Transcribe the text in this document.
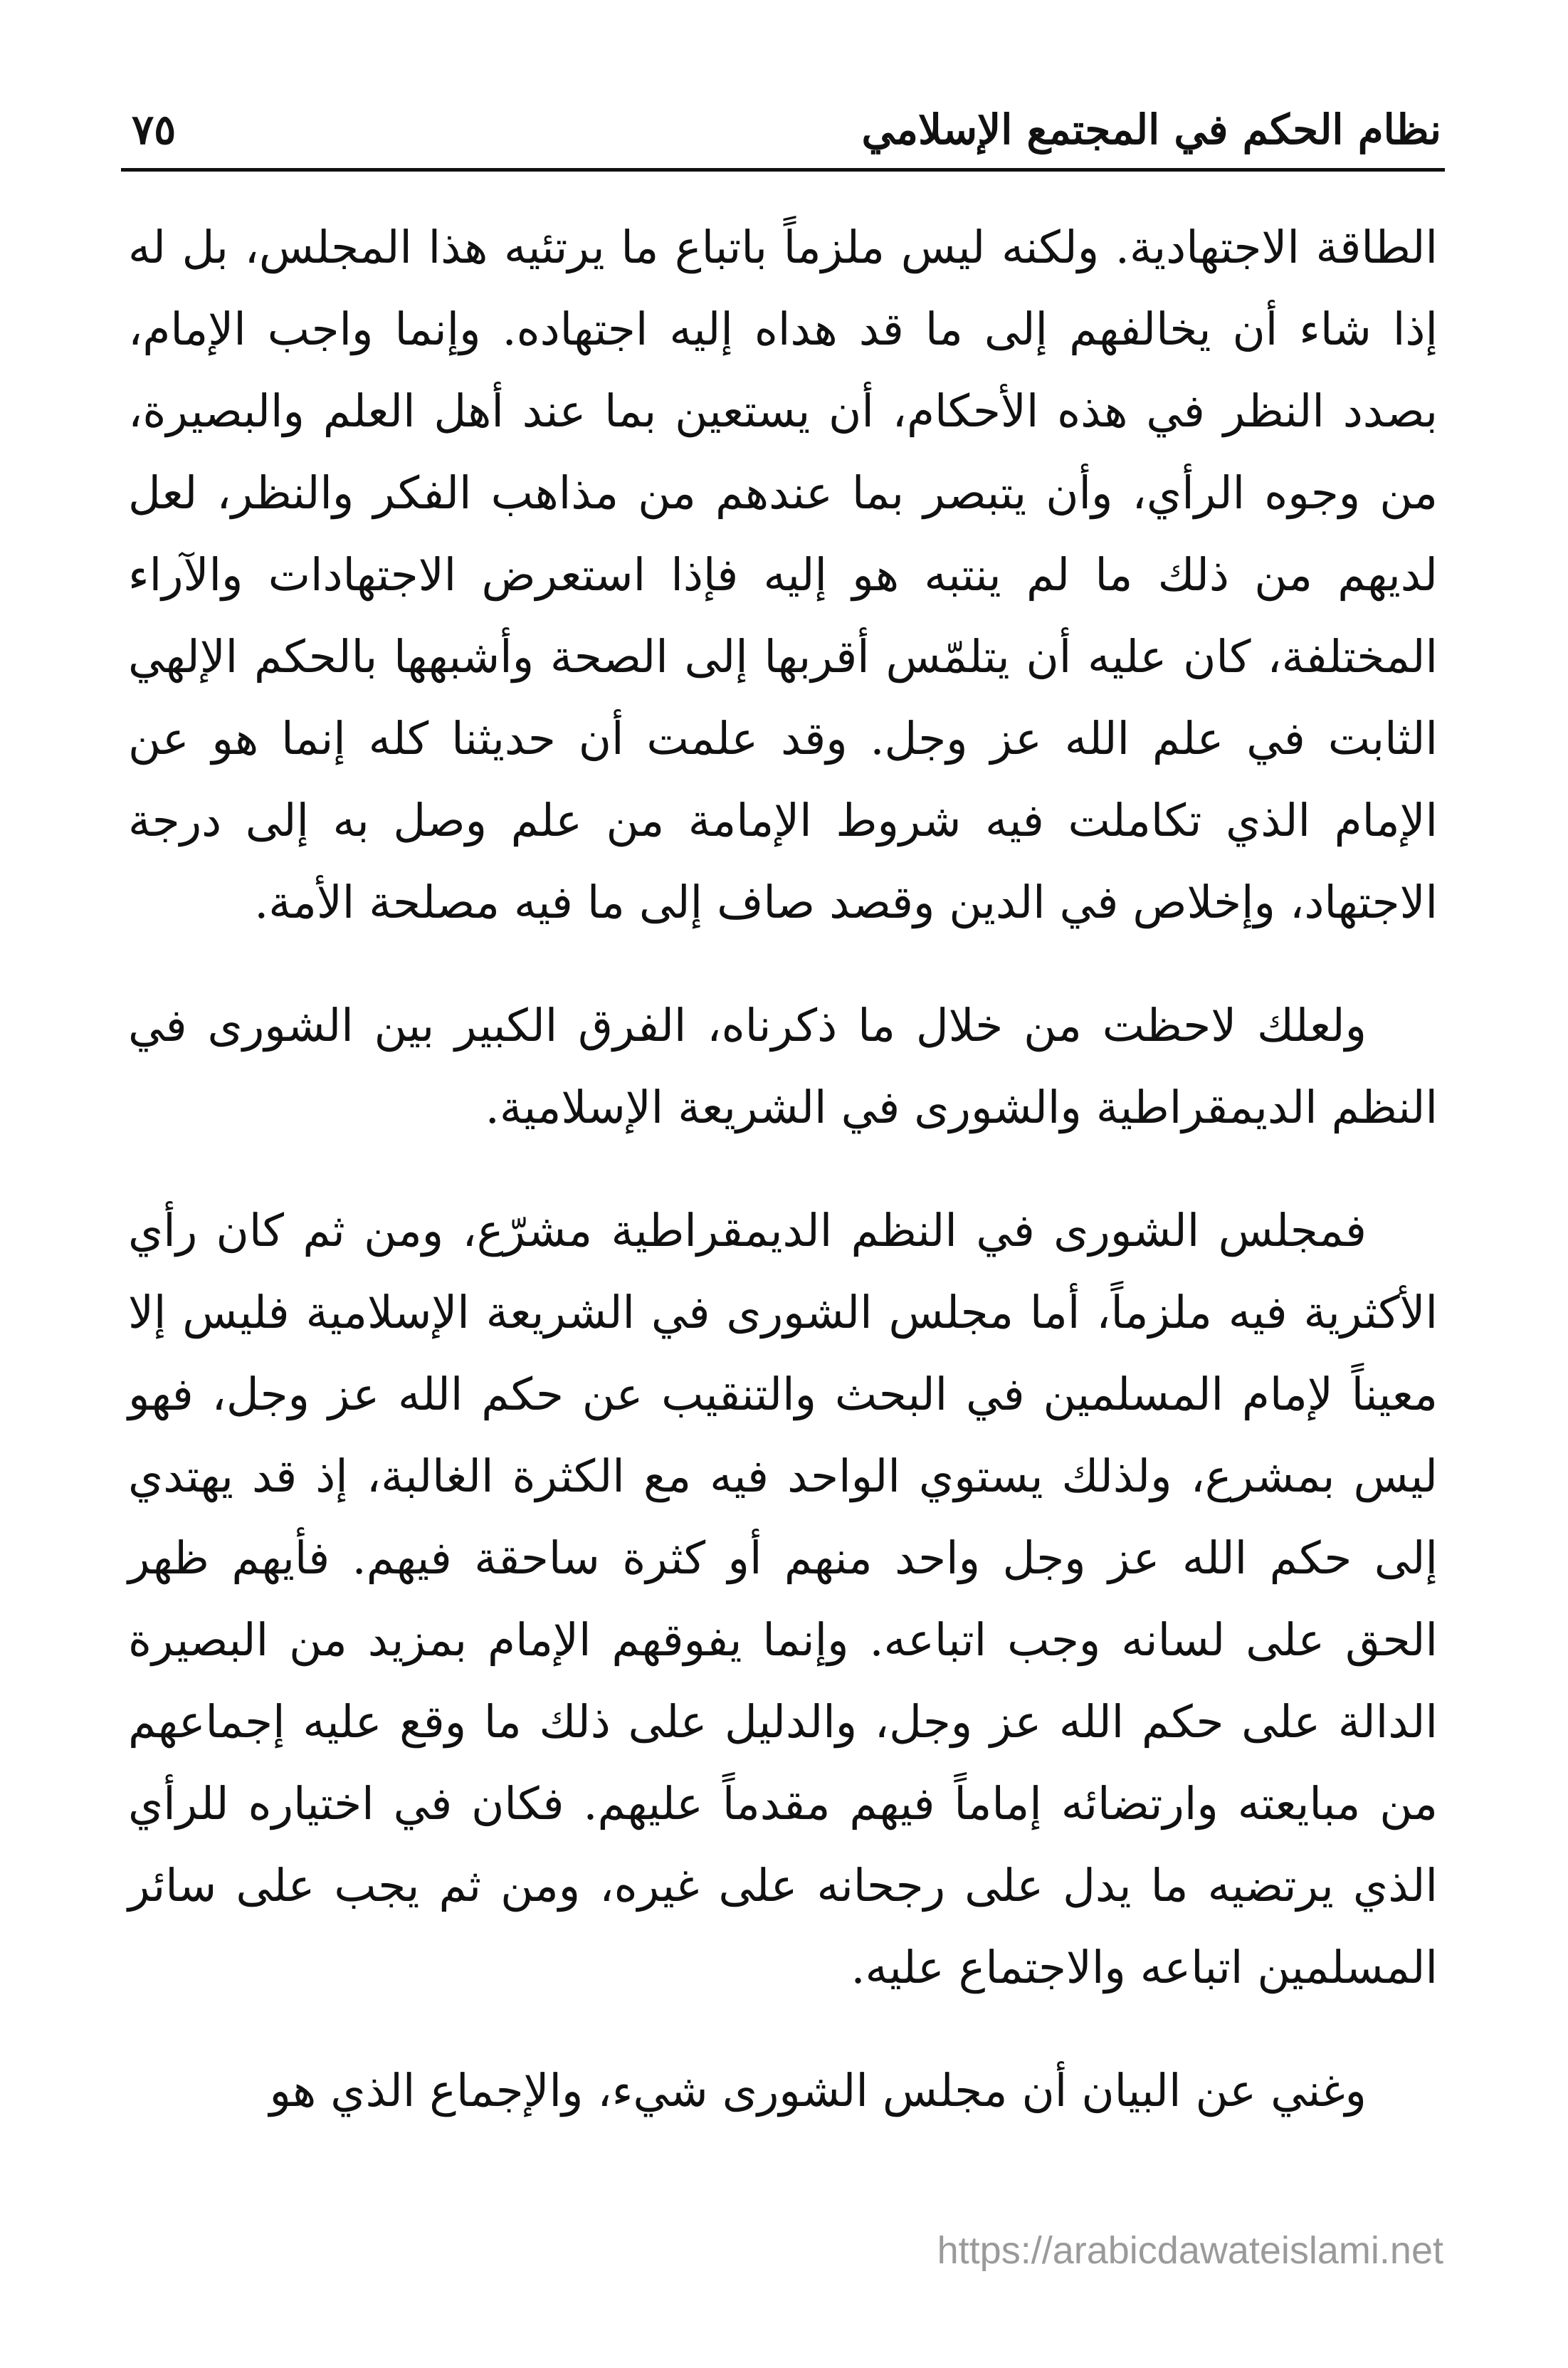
نظام الحكم في المجتمع الإسلامي
٧٥

الطاقة الاجتهادية. ولكنه ليس ملزماً باتباع ما يرتئيه هذا المجلس، بل له إذا شاء أن يخالفهم إلى ما قد هداه إليه اجتهاده. وإنما واجب الإمام، بصدد النظر في هذه الأحكام، أن يستعين بما عند أهل العلم والبصيرة، من وجوه الرأي، وأن يتبصر بما عندهم من مذاهب الفكر والنظر، لعل لديهم من ذلك ما لم ينتبه هو إليه فإذا استعرض الاجتهادات والآراء المختلفة، كان عليه أن يتلمّس أقربها إلى الصحة وأشبهها بالحكم الإلهي الثابت في علم الله عز وجل. وقد علمت أن حديثنا كله إنما هو عن الإمام الذي تكاملت فيه شروط الإمامة من علم وصل به إلى درجة الاجتهاد، وإخلاص في الدين وقصد صاف إلى ما فيه مصلحة الأمة.

ولعلك لاحظت من خلال ما ذكرناه، الفرق الكبير بين الشورى في النظم الديمقراطية والشورى في الشريعة الإسلامية.

فمجلس الشورى في النظم الديمقراطية مشرّع، ومن ثم كان رأي الأكثرية فيه ملزماً، أما مجلس الشورى في الشريعة الإسلامية فليس إلا معيناً لإمام المسلمين في البحث والتنقيب عن حكم الله عز وجل، فهو ليس بمشرع، ولذلك يستوي الواحد فيه مع الكثرة الغالبة، إذ قد يهتدي إلى حكم الله عز وجل واحد منهم أو كثرة ساحقة فيهم. فأيهم ظهر الحق على لسانه وجب اتباعه. وإنما يفوقهم الإمام بمزيد من البصيرة الدالة على حكم الله عز وجل، والدليل على ذلك ما وقع عليه إجماعهم من مبايعته وارتضائه إماماً فيهم مقدماً عليهم. فكان في اختياره للرأي الذي يرتضيه ما يدل على رجحانه على غيره، ومن ثم يجب على سائر المسلمين اتباعه والاجتماع عليه.

وغني عن البيان أن مجلس الشورى شيء، والإجماع الذي هو

https://arabicdawateislami.net
